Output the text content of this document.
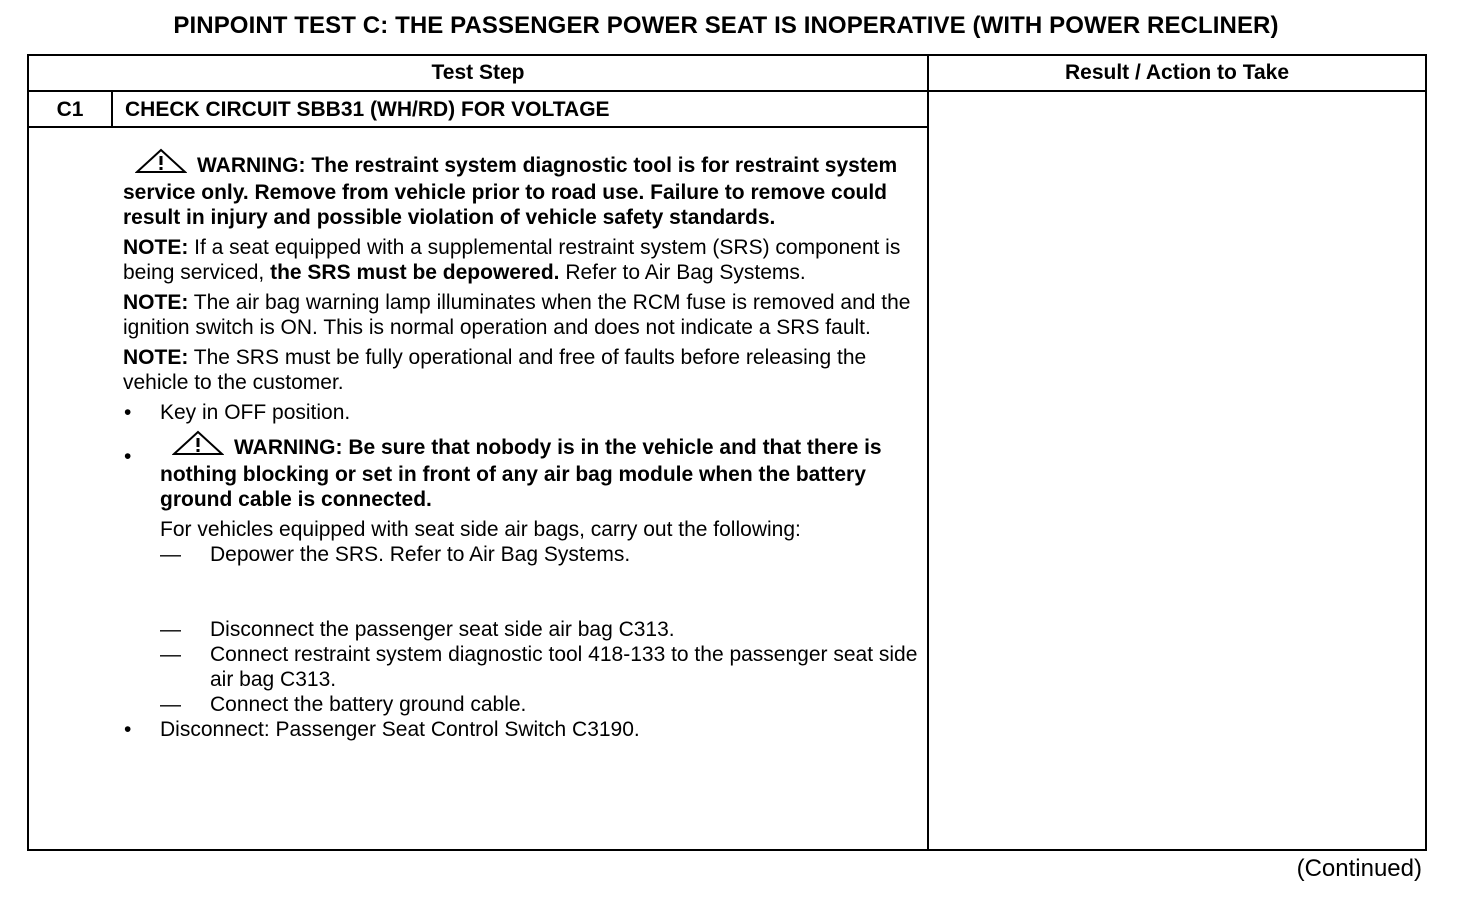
PINPOINT TEST C: THE PASSENGER POWER SEAT IS INOPERATIVE (WITH POWER RECLINER)
Test Step	Result / Action to Take
C1	CHECK CIRCUIT SBB31 (WH/RD) FOR VOLTAGE

WARNING: The restraint system diagnostic tool is for restraint system service only. Remove from vehicle prior to road use. Failure to remove could result in injury and possible violation of vehicle safety standards.

NOTE: If a seat equipped with a supplemental restraint system (SRS) component is being serviced, the SRS must be depowered. Refer to Air Bag Systems.

NOTE: The air bag warning lamp illuminates when the RCM fuse is removed and the ignition switch is ON. This is normal operation and does not indicate a SRS fault.

NOTE: The SRS must be fully operational and free of faults before releasing the vehicle to the customer.

•	Key in OFF position.
•	WARNING: Be sure that nobody is in the vehicle and that there is nothing blocking or set in front of any air bag module when the battery ground cable is connected.

For vehicles equipped with seat side air bags, carry out the following:
—	Depower the SRS. Refer to Air Bag Systems.
—	Disconnect the passenger seat side air bag C313.
—	Connect restraint system diagnostic tool 418-133 to the passenger seat side air bag C313.
—	Connect the battery ground cable.
•	Disconnect: Passenger Seat Control Switch C3190.
(Continued)
